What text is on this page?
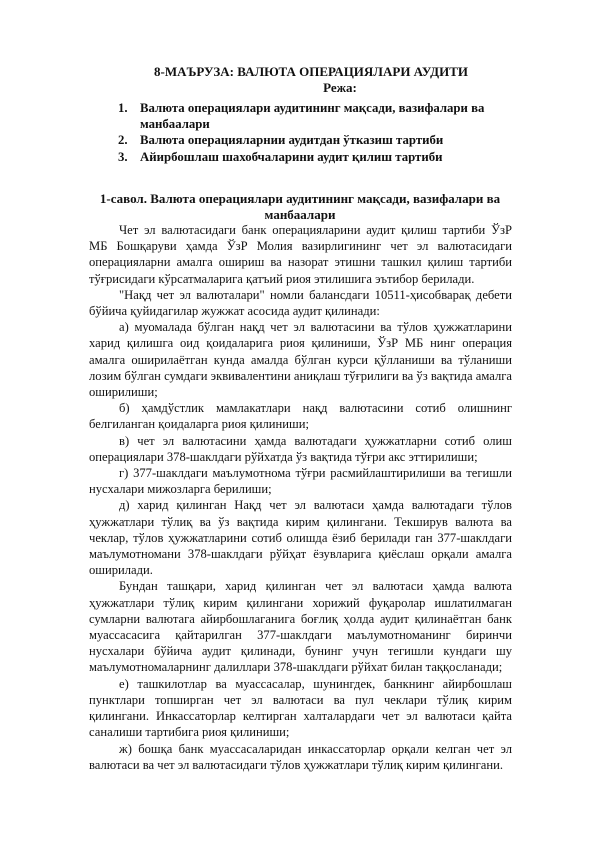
8-МАЪРУЗА: ВАЛЮТА ОПЕРАЦИЯЛАРИ АУДИТИ
Режа:
1. Валюта операциялари аудитининг мақсади, вазифалари ва манбаалари
2. Валюта операцияларнии аудитдан ўтказиш тартиби
3. Айирбошлаш шахобчаларини аудит қилиш тартиби
1-савол. Валюта операциялари аудитининг мақсади, вазифалари ва манбаалари

Чет эл валютасидаги банк операцияларини аудит қилиш тартиби ЎзР МБ Бошқаруви ҳамда ЎзР Молия вазирлигининг чет эл валютасидаги операцияларни амалга ошириш ва назорат этишни ташкил қилиш тартиби тўғрисидаги кўрсатмаларига қатъий риоя этилишига эътибор берилади.

"Нақд чет эл валюталари" номли балансдаги 10511-ҳисобварақ дебети бўйича қуйидагилар жужжат асосида аудит қилинади:

а) муомалада бўлган нақд чет эл валютасини ва тўлов ҳужжатларини харид қилишга оид қоидаларига риоя қилиниши, ЎзР МБ нинг операция амалга оширилаётган кунда амалда бўлган курси қўлланиши ва тўланиши лозим бўлган сумдаги эквивалентини аниқлаш тўғрилиги ва ўз вақтида амалга оширилиши;

б) ҳамдўстлик мамлакатлари нақд валютасини сотиб олишнинг белгиланган қоидаларга риоя қилиниши;

в) чет эл валютасини ҳамда валютадаги ҳужжатларни сотиб олиш операциялари 378-шаклдаги рўйхатда ўз вақтида тўғри акс эттирилиши;

г) 377-шаклдаги маълумотнома тўғри расмийлаштирилиши ва тегишли нусхалари мижозларга берилиши;

д) харид қилинган Нақд чет эл валютаси ҳамда валютадаги тўлов ҳужжатлари тўлиқ ва ўз вақтида кирим қилингани. Текширув валюта ва чеклар, тўлов ҳужжатларини сотиб олишда ёзиб берилади ган 377-шаклдаги маълумотномани 378-шаклдаги рўйҳат ёзувларига қиёслаш орқали амалга оширилади.

Бундан ташқари, харид қилинган чет эл валютаси ҳамда валюта ҳужжатлари тўлиқ кирим қилингани хорижий фуқаролар ишлатилмаган сумларни валютага айирбошлаганига боғлиқ ҳолда аудит қилинаётган банк муассасасига қайтарилган 377-шаклдаги маълумотноманинг биринчи нусхалари бўйича аудит қилинади, бунинг учун тегишли кундаги шу маълумотномаларнинг далиллари 378-шаклдаги рўйхат билан таққосланади;

е) ташкилотлар ва муассасалар, шунингдек, банкнинг айирбошлаш пунктлари топширган чет эл валютаси ва пул чеклари тўлиқ кирим қилингани. Инкассаторлар келтирган халталардаги чет эл валютаси қайта саналиши тартибига риоя қилиниши;

ж) бошқа банк муассасаларидан инкассаторлар орқали келган чет эл валютаси ва чет эл валютасидаги тўлов ҳужжатлари тўлиқ кирим қилингани.
